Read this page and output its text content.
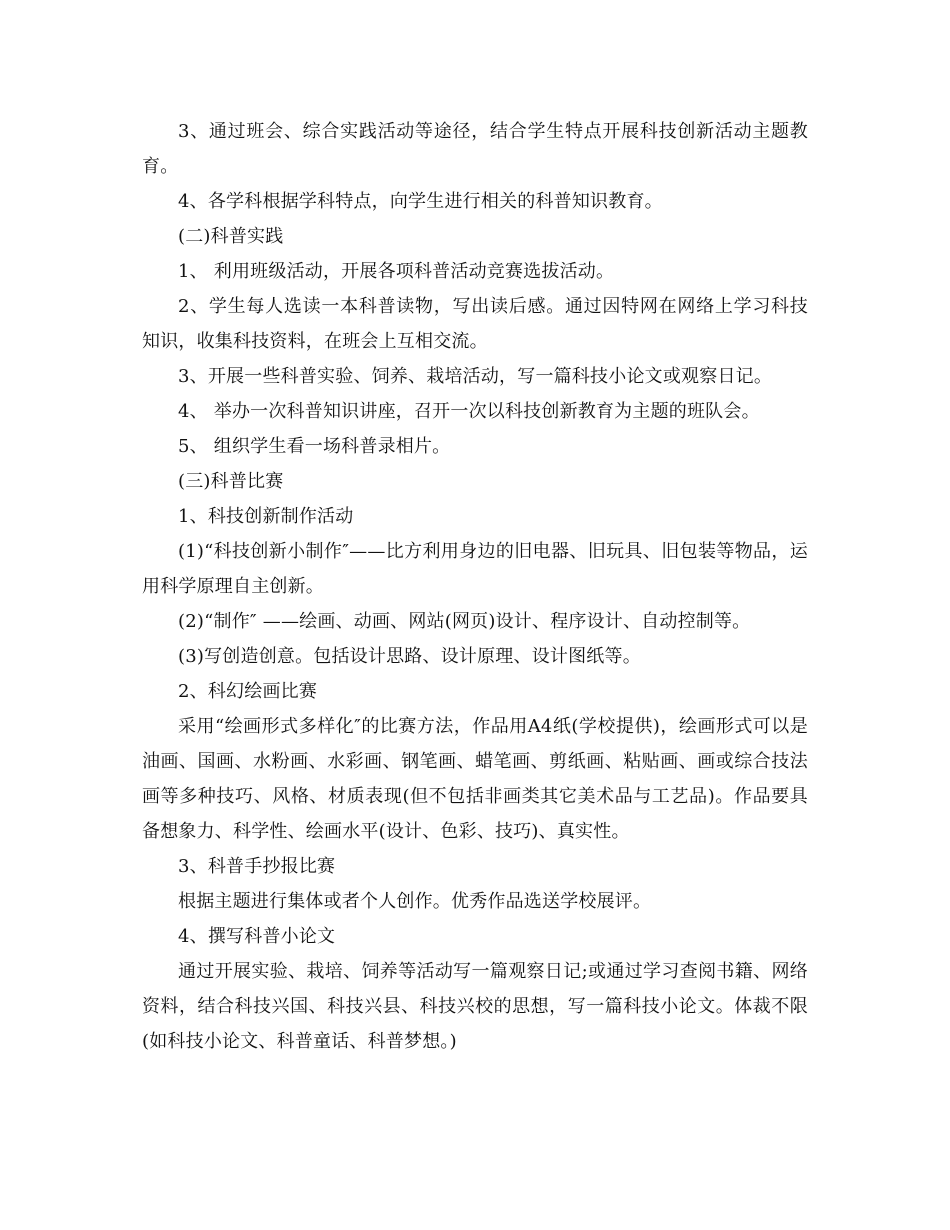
3、通过班会、综合实践活动等途径，结合学生特点开展科技创新活动主题教育。

4、各学科根据学科特点，向学生进行相关的科普知识教育。

(二)科普实践

1、 利用班级活动，开展各项科普活动竞赛选拔活动。

2、学生每人选读一本科普读物，写出读后感。通过因特网在网络上学习科技知识，收集科技资料，在班会上互相交流。

3、开展一些科普实验、饲养、栽培活动，写一篇科技小论文或观察日记。

4、 举办一次科普知识讲座，召开一次以科技创新教育为主题的班队会。

5、 组织学生看一场科普录相片。

(三)科普比赛

1、科技创新制作活动

(1)“科技创新小制作″——比方利用身边的旧电器、旧玩具、旧包装等物品，运用科学原理自主创新。

(2)“制作″ ——绘画、动画、网站(网页)设计、程序设计、自动控制等。

(3)写创造创意。包括设计思路、设计原理、设计图纸等。

2、科幻绘画比赛

采用“绘画形式多样化″的比赛方法，作品用A4纸(学校提供)，绘画形式可以是油画、国画、水粉画、水彩画、钢笔画、蜡笔画、剪纸画、粘贴画、画或综合技法画等多种技巧、风格、材质表现(但不包括非画类其它美术品与工艺品)。作品要具备想象力、科学性、绘画水平(设计、色彩、技巧)、真实性。

3、科普手抄报比赛

根据主题进行集体或者个人创作。优秀作品选送学校展评。

4、撰写科普小论文

通过开展实验、栽培、饲养等活动写一篇观察日记;或通过学习查阅书籍、网络资料，结合科技兴国、科技兴县、科技兴校的思想，写一篇科技小论文。体裁不限(如科技小论文、科普童话、科普梦想。)
